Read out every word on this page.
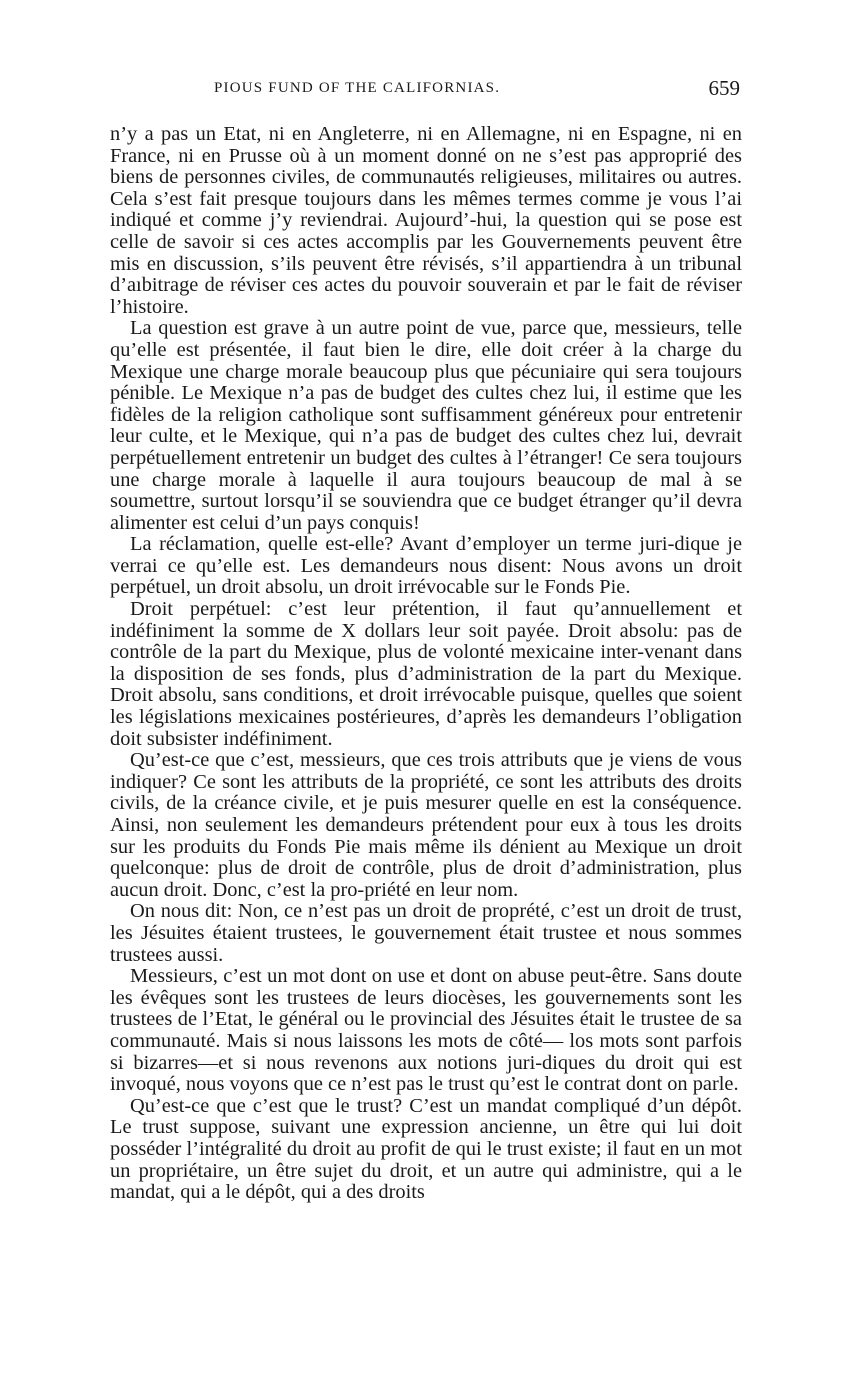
PIOUS FUND OF THE CALIFORNIAS.	659

n’y a pas un Etat, ni en Angleterre, ni en Allemagne, ni en Espagne, ni en France, ni en Prusse où à un moment donné on ne s’est pas approprié des biens de personnes civiles, de communautés religieuses, militaires ou autres. Cela s’est fait presque toujours dans les mêmes termes comme je vous l’ai indiqué et comme j’y reviendrai. Aujourd’-hui, la question qui se pose est celle de savoir si ces actes accomplis par les Gouvernements peuvent être mis en discussion, s’ils peuvent être révisés, s’il appartiendra à un tribunal d’aıbitrage de réviser ces actes du pouvoir souverain et par le fait de réviser l’histoire.

La question est grave à un autre point de vue, parce que, messieurs, telle qu’elle est présentée, il faut bien le dire, elle doit créer à la charge du Mexique une charge morale beaucoup plus que pécuniaire qui sera toujours pénible. Le Mexique n’a pas de budget des cultes chez lui, il estime que les fidèles de la religion catholique sont suffisamment généreux pour entretenir leur culte, et le Mexique, qui n’a pas de budget des cultes chez lui, devrait perpétuellement entretenir un budget des cultes à l’étranger! Ce sera toujours une charge morale à laquelle il aura toujours beaucoup de mal à se soumettre, surtout lorsqu’il se souviendra que ce budget étranger qu’il devra alimenter est celui d’un pays conquis!

La réclamation, quelle est-elle? Avant d’employer un terme juri-dique je verrai ce qu’elle est. Les demandeurs nous disent: Nous avons un droit perpétuel, un droit absolu, un droit irrévocable sur le Fonds Pie.

Droit perpétuel: c’est leur prétention, il faut qu’annuellement et indéfiniment la somme de X dollars leur soit payée. Droit absolu: pas de contrôle de la part du Mexique, plus de volonté mexicaine inter-venant dans la disposition de ses fonds, plus d’administration de la part du Mexique. Droit absolu, sans conditions, et droit irrévocable puisque, quelles que soient les législations mexicaines postérieures, d’après les demandeurs l’obligation doit subsister indéfiniment.

Qu’est-ce que c’est, messieurs, que ces trois attributs que je viens de vous indiquer? Ce sont les attributs de la propriété, ce sont les attributs des droits civils, de la créance civile, et je puis mesurer quelle en est la conséquence. Ainsi, non seulement les demandeurs prétendent pour eux à tous les droits sur les produits du Fonds Pie mais même ils dénient au Mexique un droit quelconque: plus de droit de contrôle, plus de droit d’administration, plus aucun droit. Donc, c’est la pro-priété en leur nom.

On nous dit: Non, ce n’est pas un droit de proprété, c’est un droit de trust, les Jésuites étaient trustees, le gouvernement était trustee et nous sommes trustees aussi.

Messieurs, c’est un mot dont on use et dont on abuse peut-être. Sans doute les évêques sont les trustees de leurs diocèses, les gouvernements sont les trustees de l’Etat, le général ou le provincial des Jésuites était le trustee de sa communauté. Mais si nous laissons les mots de côté— los mots sont parfois si bizarres—et si nous revenons aux notions juri-diques du droit qui est invoqué, nous voyons que ce n’est pas le trust qu’est le contrat dont on parle.

Qu’est-ce que c’est que le trust? C’est un mandat compliqué d’un dépôt. Le trust suppose, suivant une expression ancienne, un être qui lui doit posséder l’intégralité du droit au profit de qui le trust existe; il faut en un mot un propriétaire, un être sujet du droit, et un autre qui administre, qui a le mandat, qui a le dépôt, qui a des droits
